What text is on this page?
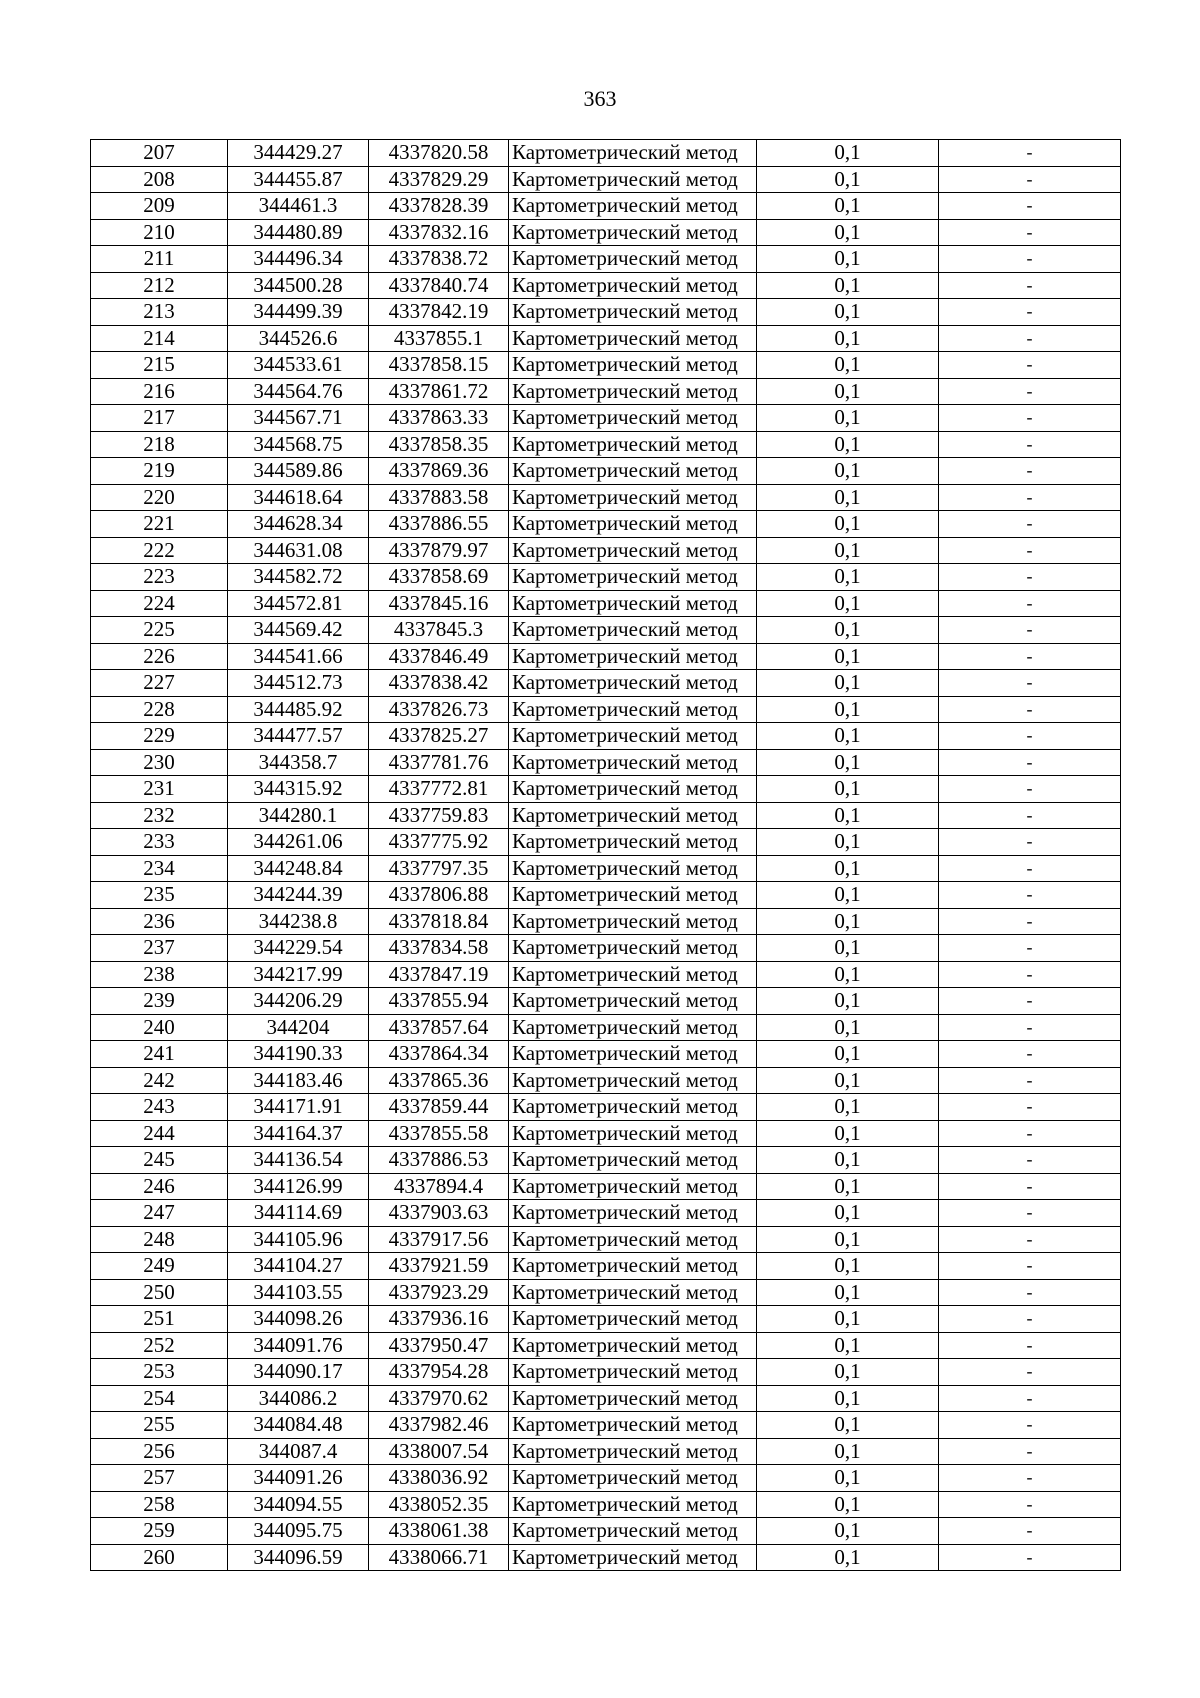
363
207	344429.27	4337820.58	Картометрический метод	0,1	-
208	344455.87	4337829.29	Картометрический метод	0,1	-
209	344461.3	4337828.39	Картометрический метод	0,1	-
210	344480.89	4337832.16	Картометрический метод	0,1	-
211	344496.34	4337838.72	Картометрический метод	0,1	-
212	344500.28	4337840.74	Картометрический метод	0,1	-
213	344499.39	4337842.19	Картометрический метод	0,1	-
214	344526.6	4337855.1	Картометрический метод	0,1	-
215	344533.61	4337858.15	Картометрический метод	0,1	-
216	344564.76	4337861.72	Картометрический метод	0,1	-
217	344567.71	4337863.33	Картометрический метод	0,1	-
218	344568.75	4337858.35	Картометрический метод	0,1	-
219	344589.86	4337869.36	Картометрический метод	0,1	-
220	344618.64	4337883.58	Картометрический метод	0,1	-
221	344628.34	4337886.55	Картометрический метод	0,1	-
222	344631.08	4337879.97	Картометрический метод	0,1	-
223	344582.72	4337858.69	Картометрический метод	0,1	-
224	344572.81	4337845.16	Картометрический метод	0,1	-
225	344569.42	4337845.3	Картометрический метод	0,1	-
226	344541.66	4337846.49	Картометрический метод	0,1	-
227	344512.73	4337838.42	Картометрический метод	0,1	-
228	344485.92	4337826.73	Картометрический метод	0,1	-
229	344477.57	4337825.27	Картометрический метод	0,1	-
230	344358.7	4337781.76	Картометрический метод	0,1	-
231	344315.92	4337772.81	Картометрический метод	0,1	-
232	344280.1	4337759.83	Картометрический метод	0,1	-
233	344261.06	4337775.92	Картометрический метод	0,1	-
234	344248.84	4337797.35	Картометрический метод	0,1	-
235	344244.39	4337806.88	Картометрический метод	0,1	-
236	344238.8	4337818.84	Картометрический метод	0,1	-
237	344229.54	4337834.58	Картометрический метод	0,1	-
238	344217.99	4337847.19	Картометрический метод	0,1	-
239	344206.29	4337855.94	Картометрический метод	0,1	-
240	344204	4337857.64	Картометрический метод	0,1	-
241	344190.33	4337864.34	Картометрический метод	0,1	-
242	344183.46	4337865.36	Картометрический метод	0,1	-
243	344171.91	4337859.44	Картометрический метод	0,1	-
244	344164.37	4337855.58	Картометрический метод	0,1	-
245	344136.54	4337886.53	Картометрический метод	0,1	-
246	344126.99	4337894.4	Картометрический метод	0,1	-
247	344114.69	4337903.63	Картометрический метод	0,1	-
248	344105.96	4337917.56	Картометрический метод	0,1	-
249	344104.27	4337921.59	Картометрический метод	0,1	-
250	344103.55	4337923.29	Картометрический метод	0,1	-
251	344098.26	4337936.16	Картометрический метод	0,1	-
252	344091.76	4337950.47	Картометрический метод	0,1	-
253	344090.17	4337954.28	Картометрический метод	0,1	-
254	344086.2	4337970.62	Картометрический метод	0,1	-
255	344084.48	4337982.46	Картометрический метод	0,1	-
256	344087.4	4338007.54	Картометрический метод	0,1	-
257	344091.26	4338036.92	Картометрический метод	0,1	-
258	344094.55	4338052.35	Картометрический метод	0,1	-
259	344095.75	4338061.38	Картометрический метод	0,1	-
260	344096.59	4338066.71	Картометрический метод	0,1	-
